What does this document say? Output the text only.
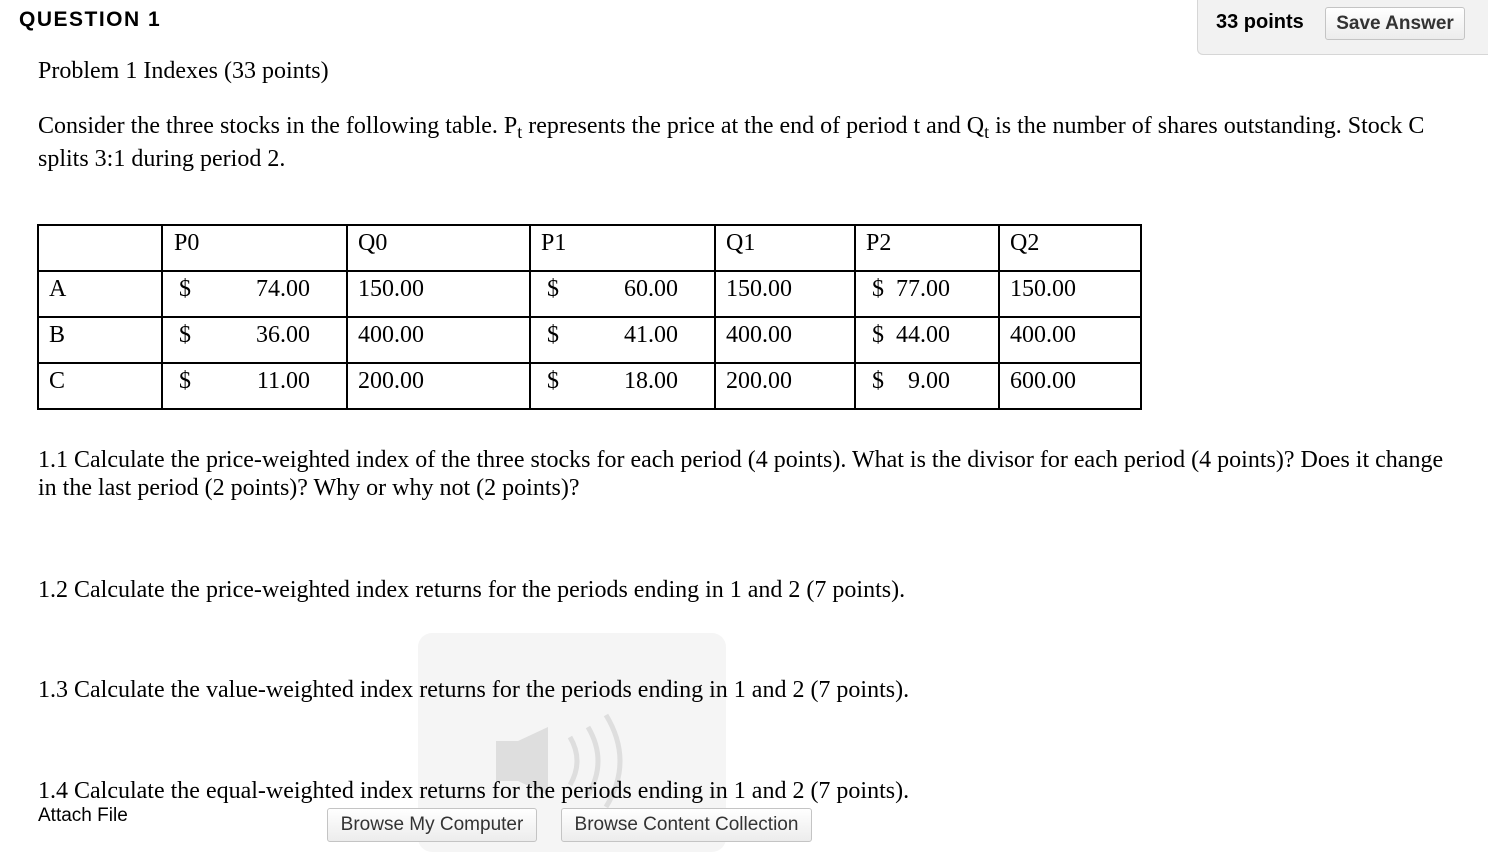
QUESTION 1	33 points	Save Answer
Problem 1 Indexes (33 points)
Consider the three stocks in the following table. $P_t$ represents the price at the end of period t and $Q_t$ is the number of shares outstanding. Stock C splits 3:1 during period 2.
	P0	Q0	P1	Q1	P2	Q2
A	$ 74.00	150.00	$ 60.00	150.00	$  77.00	150.00
B	$ 36.00	400.00	$ 41.00	400.00	$  44.00	400.00
C	$ 11.00	200.00	$ 18.00	200.00	$    9.00	600.00
1.1 Calculate the price-weighted index of the three stocks for each period (4 points). What is the divisor for each period (4 points)? Does it change in the last period (2 points)? Why or why not (2 points)?
1.2 Calculate the price-weighted index returns for the periods ending in 1 and 2 (7 points).
1.3 Calculate the value-weighted index returns for the periods ending in 1 and 2 (7 points).
1.4 Calculate the equal-weighted index returns for the periods ending in 1 and 2 (7 points).
Attach File	Browse My Computer	Browse Content Collection
